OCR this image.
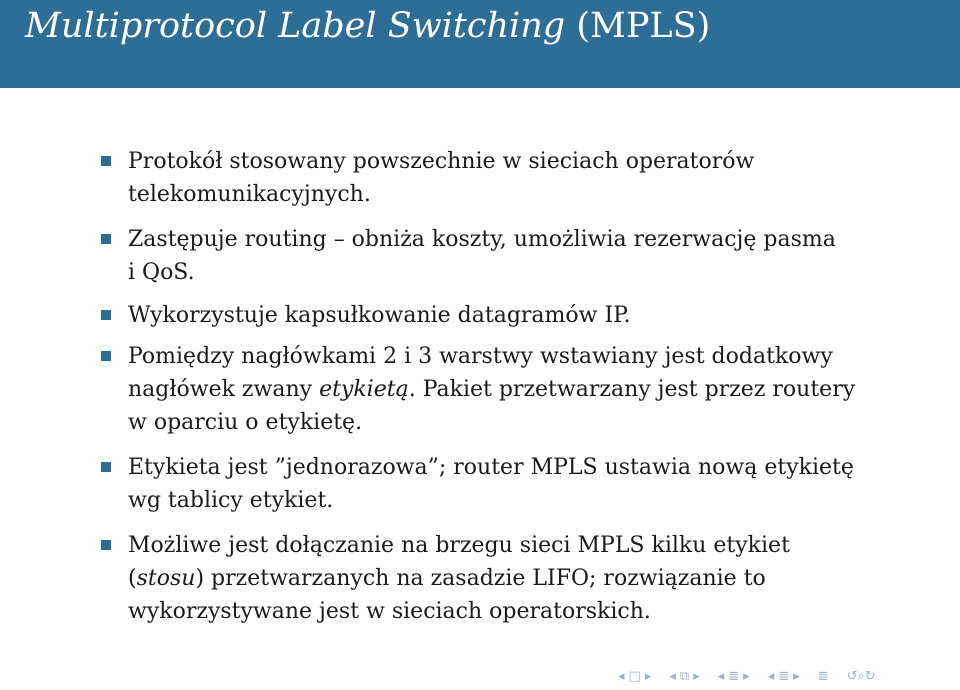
Multiprotocol Label Switching (MPLS)
Protokół stosowany powszechnie w sieciach operatorów
telekomunikacyjnych.
Zastępuje routing – obniża koszty, umożliwia rezerwację pasma
i QoS.
Wykorzystuje kapsułkowanie datagramów IP.
Pomiędzy nagłówkami 2 i 3 warstwy wstawiany jest dodatkowy
nagłówek zwany etykietą. Pakiet przetwarzany jest przez routery
w oparciu o etykietę.
Etykieta jest ”jednorazowa”; router MPLS ustawia nową etykietę
wg tablicy etykiet.
Możliwe jest dołączanie na brzegu sieci MPLS kilku etykiet
(stosu) przetwarzanych na zasadzie LIFO; rozwiązanie to
wykorzystywane jest w sieciach operatorskich.
◂ □ ▸ ◂ ⧉ ▸ ◂ ≣ ▸ ◂ ≣ ▸ ≣ ↺⌕↻
